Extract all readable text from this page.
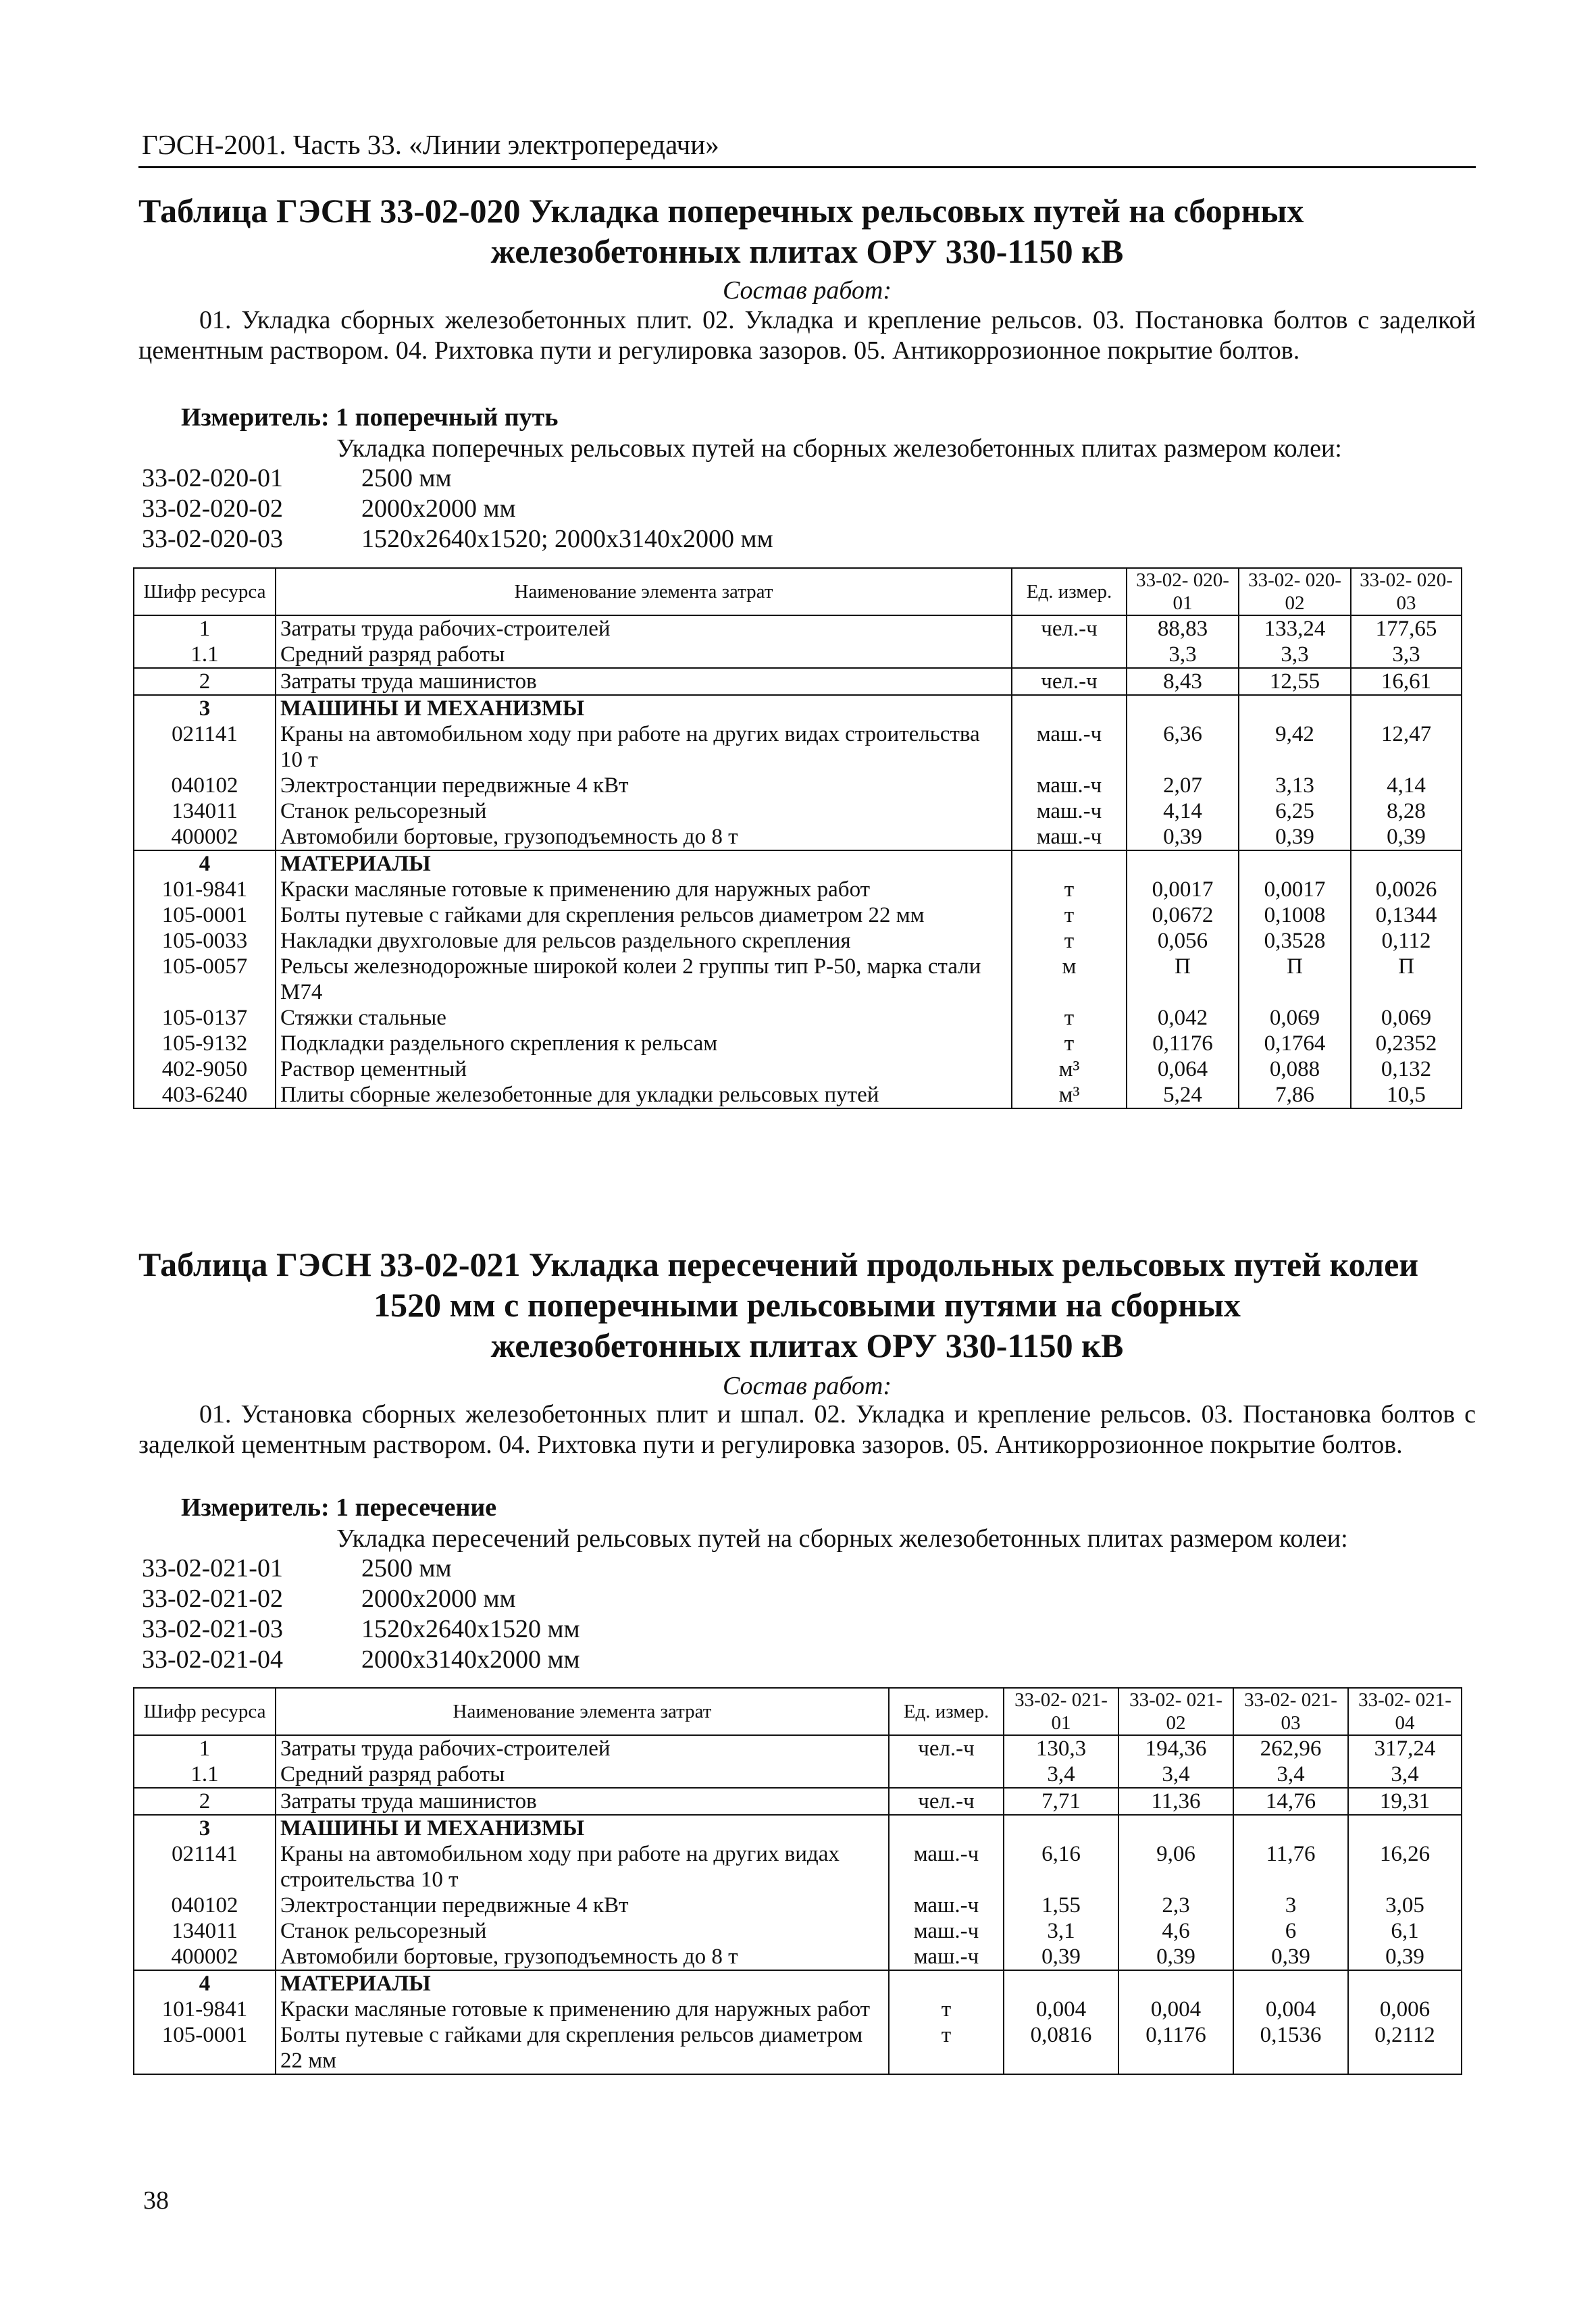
ГЭСН-2001. Часть 33. «Линии электропередачи»
Таблица ГЭСН 33-02-020 Укладка поперечных рельсовых путей на сборных
железобетонных плитах ОРУ 330-1150 кВ
Состав работ:
01. Укладка сборных железобетонных плит. 02. Укладка и крепление рельсов. 03. Постановка болтов с заделкой цементным раствором. 04. Рихтовка пути и регулировка зазоров. 05. Антикоррозионное покрытие болтов.
Измеритель: 1 поперечный путь
Укладка поперечных рельсовых путей на сборных железобетонных плитах размером колеи:
33-02-020-01	2500 мм
33-02-020-02	2000х2000 мм
33-02-020-03	1520х2640х1520; 2000х3140х2000 мм
Шифр ресурса	Наименование элемента затрат	Ед. измер.	33-02- 020-01	33-02- 020-02	33-02- 020-03
1	Затраты труда рабочих-строителей	чел.-ч	88,83	133,24	177,65
1.1	Средний разряд работы		3,3	3,3	3,3
2	Затраты труда машинистов	чел.-ч	8,43	12,55	16,61
3	МАШИНЫ И МЕХАНИЗМЫ				
021141	Краны на автомобильном ходу при работе на других видах строительства 10 т	маш.-ч	6,36	9,42	12,47
040102	Электростанции передвижные 4 кВт	маш.-ч	2,07	3,13	4,14
134011	Станок рельсорезный	маш.-ч	4,14	6,25	8,28
400002	Автомобили бортовые, грузоподъемность до 8 т	маш.-ч	0,39	0,39	0,39
4	МАТЕРИАЛЫ				
101-9841	Краски масляные готовые к применению для наружных работ	т	0,0017	0,0017	0,0026
105-0001	Болты путевые с гайками для скрепления рельсов диаметром 22 мм	т	0,0672	0,1008	0,1344
105-0033	Накладки двухголовые для рельсов раздельного скрепления	т	0,056	0,3528	0,112
105-0057	Рельсы железнодорожные широкой колеи 2 группы тип Р-50, марка стали М74	м	П	П	П
105-0137	Стяжки стальные	т	0,042	0,069	0,069
105-9132	Подкладки раздельного скрепления к рельсам	т	0,1176	0,1764	0,2352
402-9050	Раствор цементный	м³	0,064	0,088	0,132
403-6240	Плиты сборные железобетонные для укладки рельсовых путей	м³	5,24	7,86	10,5
Таблица ГЭСН 33-02-021 Укладка пересечений продольных рельсовых путей колеи
1520 мм с поперечными рельсовыми путями на сборных
железобетонных плитах ОРУ 330-1150 кВ
Состав работ:
01. Установка сборных железобетонных плит и шпал. 02. Укладка и крепление рельсов. 03. Постановка болтов с заделкой цементным раствором. 04. Рихтовка пути и регулировка зазоров. 05. Антикоррозионное покрытие болтов.
Измеритель: 1 пересечение
Укладка пересечений рельсовых путей на сборных железобетонных плитах размером колеи:
33-02-021-01	2500 мм
33-02-021-02	2000х2000 мм
33-02-021-03	1520х2640х1520 мм
33-02-021-04	2000х3140х2000 мм
Шифр ресурса	Наименование элемента затрат	Ед. измер.	33-02- 021-01	33-02- 021-02	33-02- 021-03	33-02- 021-04
1	Затраты труда рабочих-строителей	чел.-ч	130,3	194,36	262,96	317,24
1.1	Средний разряд работы		3,4	3,4	3,4	3,4
2	Затраты труда машинистов	чел.-ч	7,71	11,36	14,76	19,31
3	МАШИНЫ И МЕХАНИЗМЫ					
021141	Краны на автомобильном ходу при работе на других видах строительства 10 т	маш.-ч	6,16	9,06	11,76	16,26
040102	Электростанции передвижные 4 кВт	маш.-ч	1,55	2,3	3	3,05
134011	Станок рельсорезный	маш.-ч	3,1	4,6	6	6,1
400002	Автомобили бортовые, грузоподъемность до 8 т	маш.-ч	0,39	0,39	0,39	0,39
4	МАТЕРИАЛЫ					
101-9841	Краски масляные готовые к применению для наружных работ	т	0,004	0,004	0,004	0,006
105-0001	Болты путевые с гайками для скрепления рельсов диаметром 22 мм	т	0,0816	0,1176	0,1536	0,2112
38
